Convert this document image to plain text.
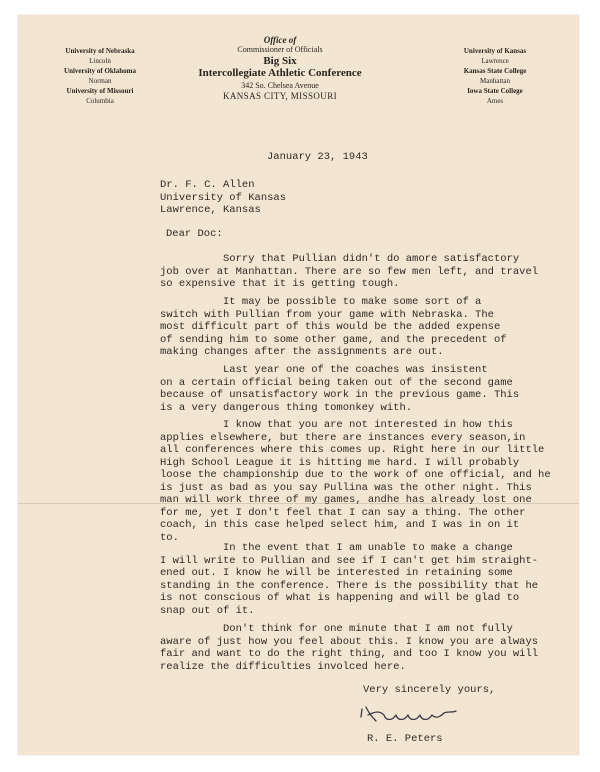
University of Nebraska
Lincoln
University of Oklahoma
Norman
University of Missouri
Columbia
Office of
Commissioner of Officials
Big Six
Intercollegiate Athletic Conference
342 So. Chelsea Avenue
KANSAS CITY, MISSOURI
University of Kansas
Lawrence
Kansas State College
Manhattan
Iowa State College
Ames
January 23, 1943
Dr. F. C. Allen
University of Kansas
Lawrence, Kansas
Dear Doc:
Sorry that Pullian didn't do amore satisfactory
job over at Manhattan. There are so few men left, and travel
so expensive that it is getting tough.
It may be possible to make some sort of a
switch with Pullian from your game with Nebraska. The
most difficult part of this would be the added expense
of sending him to some other game, and the precedent of
making changes after the assignments are out.
Last year one of the coaches was insistent
on a certain official being taken out of the second game
because of unsatisfactory work in the previous game. This
is a very dangerous thing tomonkey with.
I know that you are not interested in how this
applies elsewhere, but there are instances every season,in
all conferences where this comes up. Right here in our little
High School League it is hitting me hard. I will probably
loose the championship due to the work of one official, and he
is just as bad as you say Pullina was the other night. This
man will work three of my games, andhe has already lost one
for me, yet I don't feel that I can say a thing. The other
coach, in this case helped select him, and I was in on it
to.
In the event that I am unable to make a change
I will write to Pullian and see if I can't get him straight-
ened out. I know he will be interested in retaining some
standing in the conference. There is the possibility that he
is not conscious of what is happening and will be glad to
snap out of it.
Don't think for one minute that I am not fully
aware of just how you feel about this. I know you are always
fair and want to do the right thing, and too I know you will
realize the difficulties involced here.
Very sincerely yours,
R. E. Peters
